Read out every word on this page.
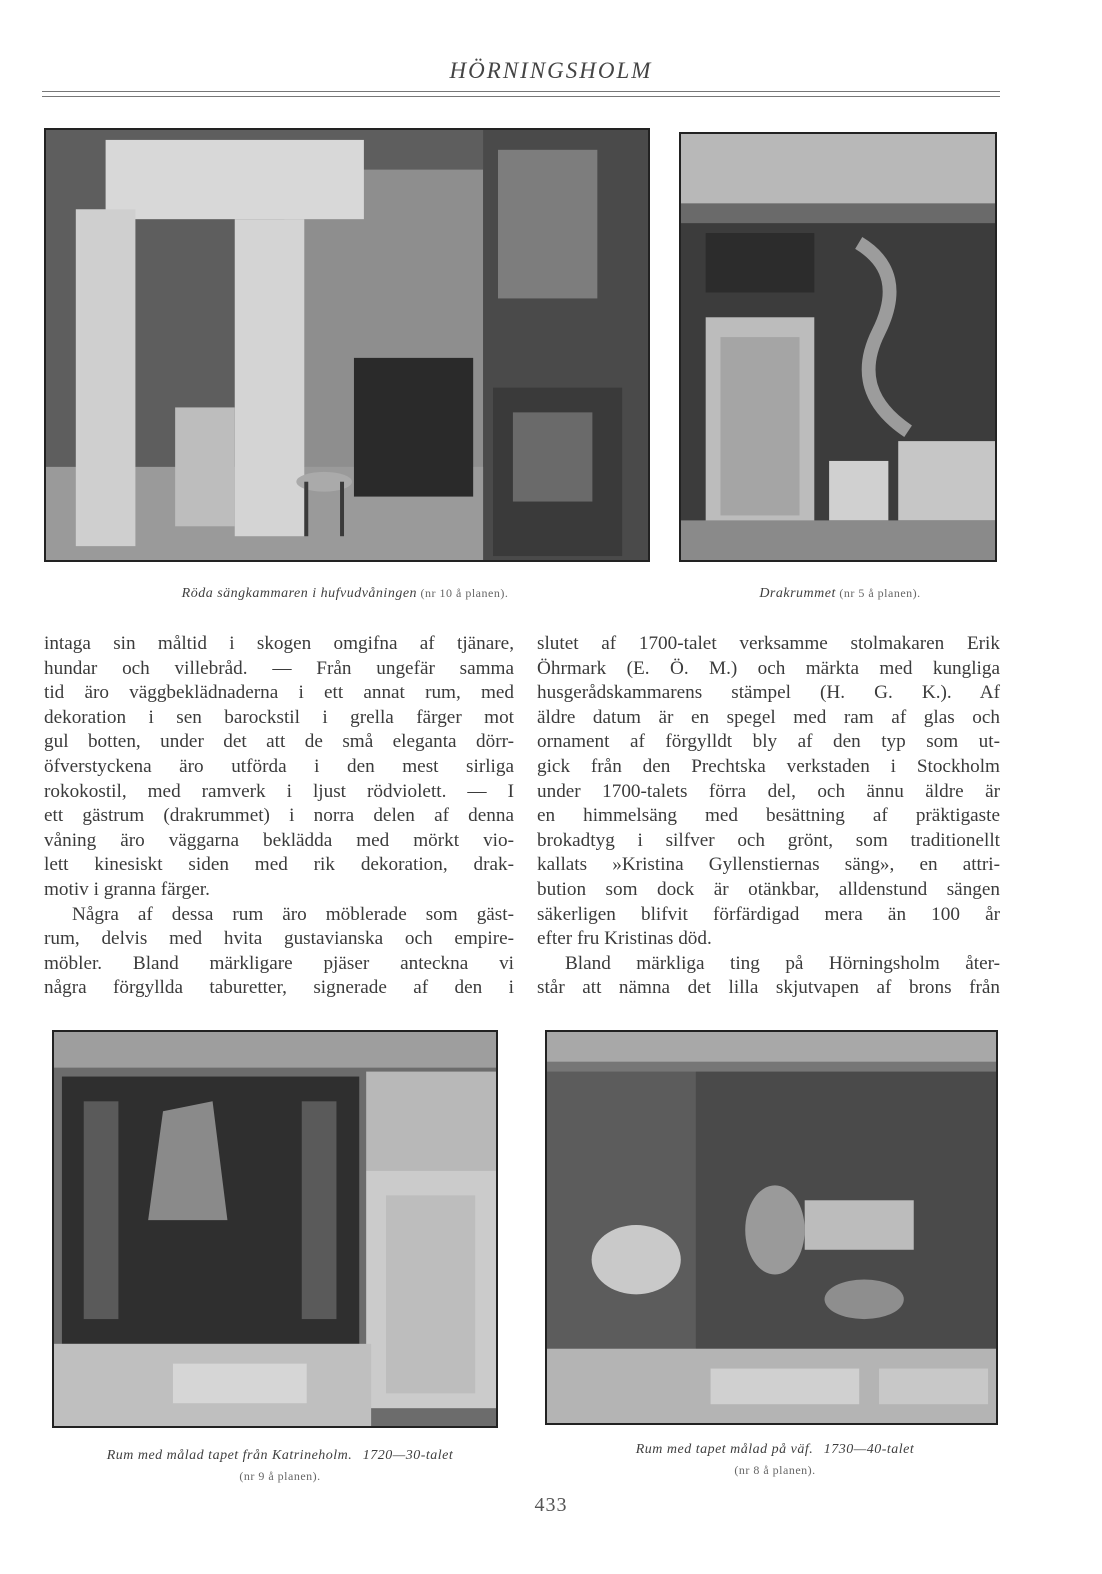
HÖRNINGSHOLM
Röda sängkammaren i hufvudvåningen (nr 10 å planen).	Drakrummet (nr 5 å planen).

intaga sin måltid i skogen omgifna af tjänare,
hundar och villebråd. — Från ungefär samma
tid äro väggbeklädnaderna i ett annat rum, med
dekoration i sen barockstil i grella färger mot
gul botten, under det att de små eleganta dörr-
öfverstyckena äro utförda i den mest sirliga
rokokostil, med ramverk i ljust rödviolett. — I
ett gästrum (drakrummet) i norra delen af denna
våning äro väggarna beklädda med mörkt vio-
lett kinesiskt siden med rik dekoration, drak-
motiv i granna färger.
Några af dessa rum äro möblerade som gäst-
rum, delvis med hvita gustavianska och empire-
möbler. Bland märkligare pjäser anteckna vi
några förgyllda taburetter, signerade af den i

slutet af 1700-talet verksamme stolmakaren Erik
Öhrmark (E. Ö. M.) och märkta med kungliga
husgerådskammarens stämpel (H. G. K.). Af
äldre datum är en spegel med ram af glas och
ornament af förgylldt bly af den typ som ut-
gick från den Prechtska verkstaden i Stockholm
under 1700-talets förra del, och ännu äldre är
en himmelsäng med besättning af präktigaste
brokadtyg i silfver och grönt, som traditionellt
kallats »Kristina Gyllenstiernas säng», en attri-
bution som dock är otänkbar, alldenstund sängen
säkerligen blifvit förfärdigad mera än 100 år
efter fru Kristinas död.
Bland märkliga ting på Hörningsholm åter-
står att nämna det lilla skjutvapen af brons från

Rum med målad tapet från Katrineholm. 1720—30-talet
(nr 9 å planen).
Rum med tapet målad på väf. 1730—40-talet
(nr 8 å planen).
433
